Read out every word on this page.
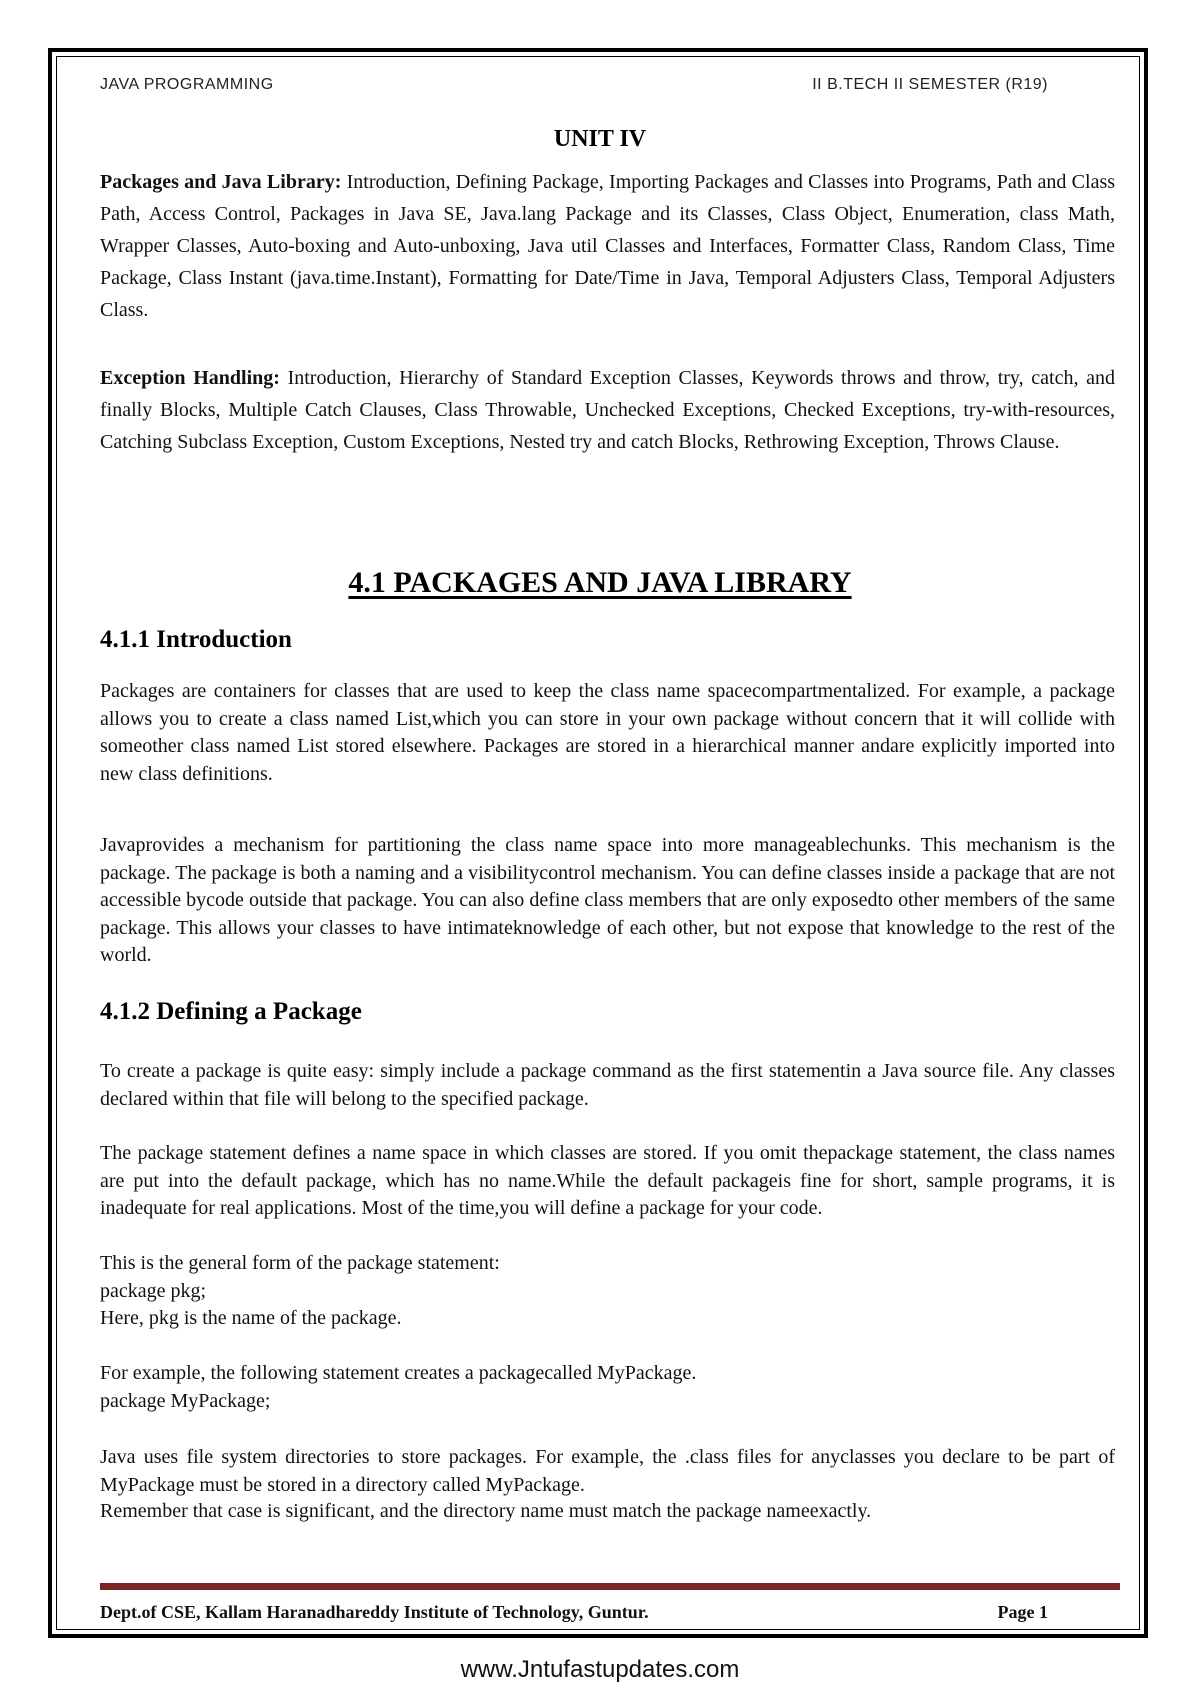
JAVA PROGRAMMING	II B.TECH II SEMESTER (R19)
UNIT IV
Packages and Java Library: Introduction, Defining Package, Importing Packages and Classes into Programs, Path and Class Path, Access Control, Packages in Java SE, Java.lang Package and its Classes, Class Object, Enumeration, class Math, Wrapper Classes, Auto-boxing and Auto-unboxing, Java util Classes and Interfaces, Formatter Class, Random Class, Time Package, Class Instant (java.time.Instant), Formatting for Date/Time in Java, Temporal Adjusters Class, Temporal Adjusters Class.
Exception Handling: Introduction, Hierarchy of Standard Exception Classes, Keywords throws and throw, try, catch, and finally Blocks, Multiple Catch Clauses, Class Throwable, Unchecked Exceptions, Checked Exceptions, try-with-resources, Catching Subclass Exception, Custom Exceptions, Nested try and catch Blocks, Rethrowing Exception, Throws Clause.
4.1 PACKAGES AND JAVA LIBRARY
4.1.1 Introduction
Packages are containers for classes that are used to keep the class name spacecompartmentalized. For example, a package allows you to create a class named List,which you can store in your own package without concern that it will collide with someother class named List stored elsewhere. Packages are stored in a hierarchical manner andare explicitly imported into new class definitions.
Javaprovides a mechanism for partitioning the class name space into more manageablechunks. This mechanism is the package. The package is both a naming and a visibilitycontrol mechanism. You can define classes inside a package that are not accessible bycode outside that package. You can also define class members that are only exposedto other members of the same package. This allows your classes to have intimateknowledge of each other, but not expose that knowledge to the rest of the world.
4.1.2 Defining a Package
To create a package is quite easy: simply include a package command as the first statementin a Java source file. Any classes declared within that file will belong to the specified package.
The package statement defines a name space in which classes are stored. If you omit thepackage statement, the class names are put into the default package, which has no name.While the default packageis fine for short, sample programs, it is inadequate for real applications. Most of the time,you will define a package for your code.
This is the general form of the package statement:
package pkg;
Here, pkg is the name of the package.
For example, the following statement creates a packagecalled MyPackage.
package MyPackage;
Java uses file system directories to store packages. For example, the .class files for anyclasses you declare to be part of MyPackage must be stored in a directory called MyPackage.
Remember that case is significant, and the directory name must match the package nameexactly.
Dept.of CSE, Kallam Haranadhareddy Institute of Technology, Guntur.	Page 1
www.Jntufastupdates.com
